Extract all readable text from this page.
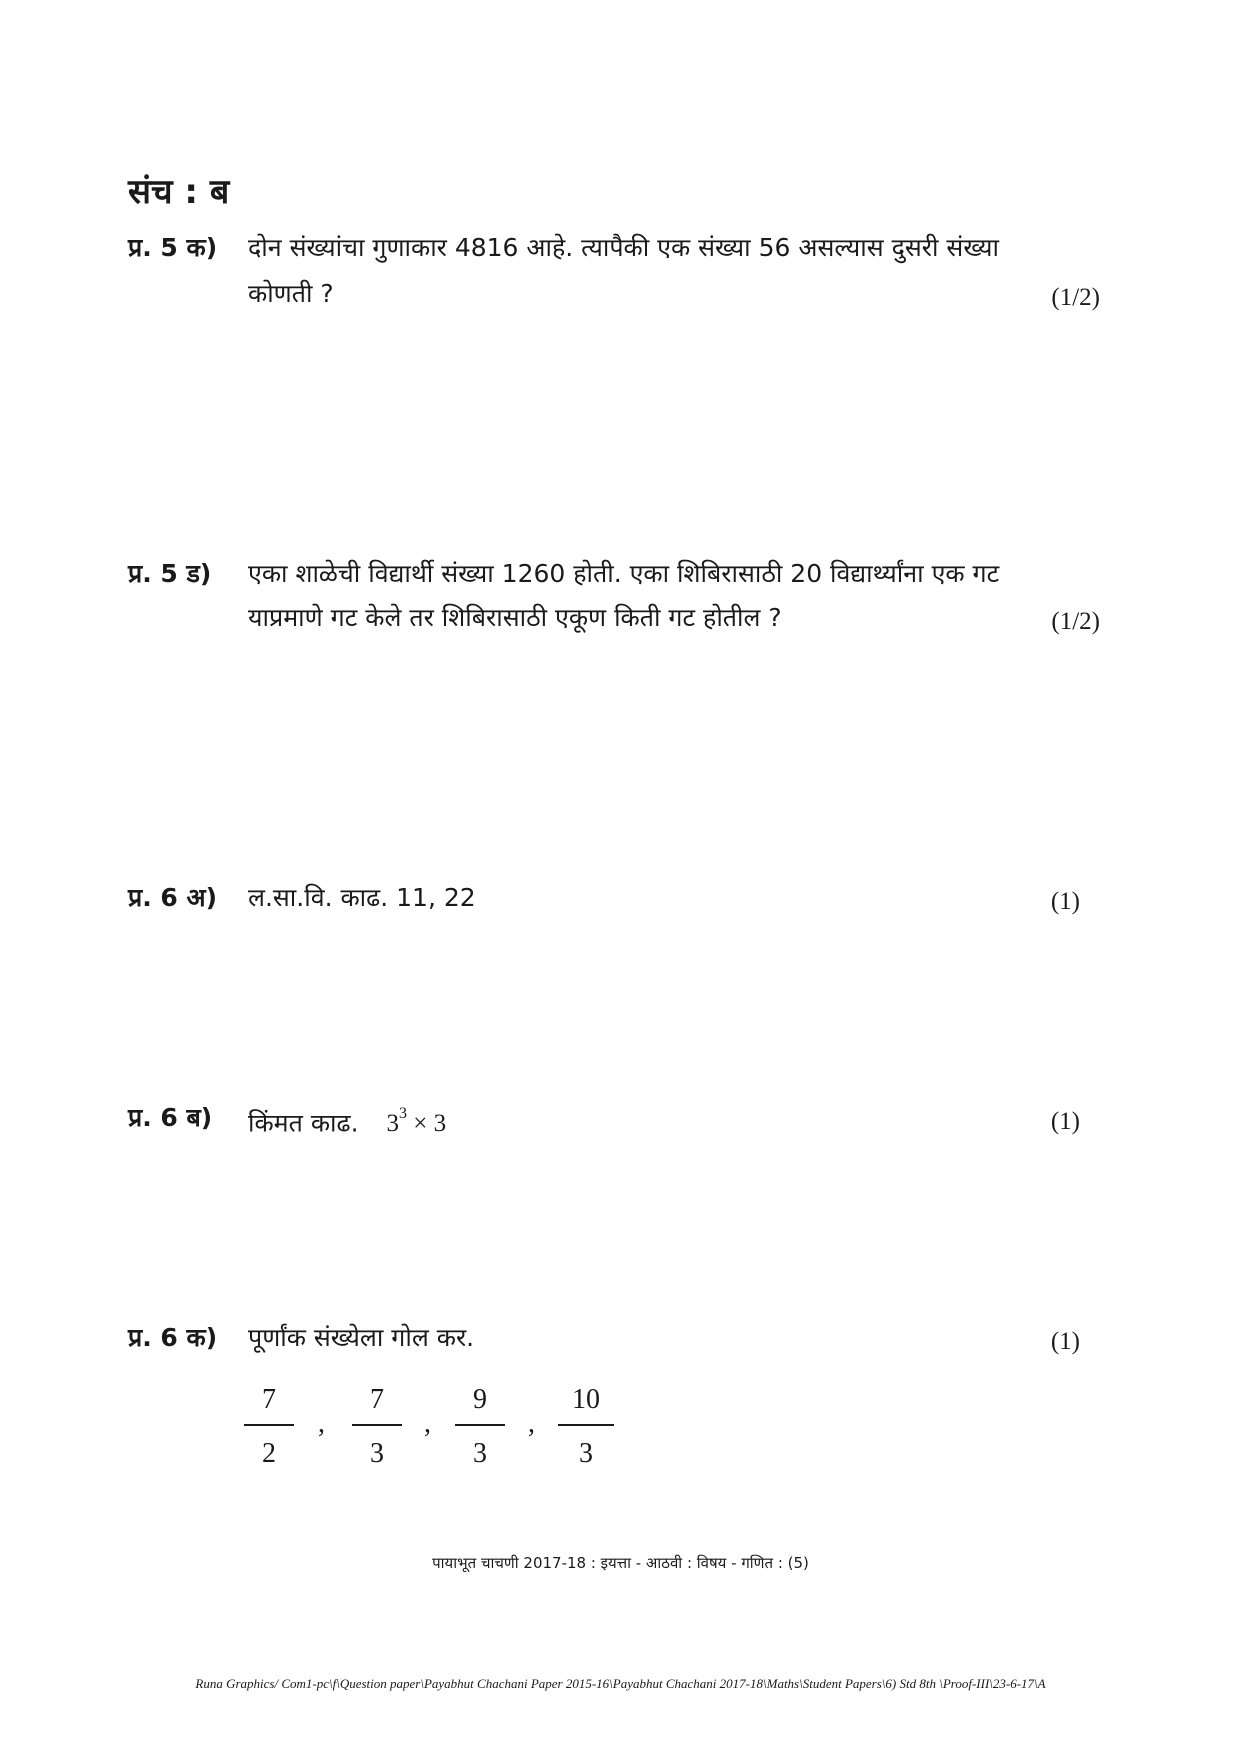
संच : ब
प्र. 5 क) दोन संख्यांचा गुणाकार 4816 आहे. त्यापैकी एक संख्या 56 असल्यास दुसरी संख्या
कोणती ?	(1/2)
प्र. 5 ड) एका शाळेची विद्यार्थी संख्या 1260 होती. एका शिबिरासाठी 20 विद्यार्थ्यांना एक गट
याप्रमाणे गट केले तर शिबिरासाठी एकूण किती गट होतील ?	(1/2)
प्र. 6 अ) ल.सा.वि. काढ. 11, 22	(1)
प्र. 6 ब) किंमत काढ. $3^3 \times 3$	(1)
प्र. 6 क) पूर्णांक संख्येला गोल कर.	(1)
7
2
,
7
3
,
9
3
,
10
3
पायाभूत चाचणी 2017-18 : इयत्ता - आठवी : विषय - गणित : (5)
Runa Graphics/ Com1-pc\f\Question paper\Payabhut Chachani Paper 2015-16\Payabhut Chachani 2017-18\Maths\Student Papers\6) Std 8th \Proof-III\23-6-17\A
